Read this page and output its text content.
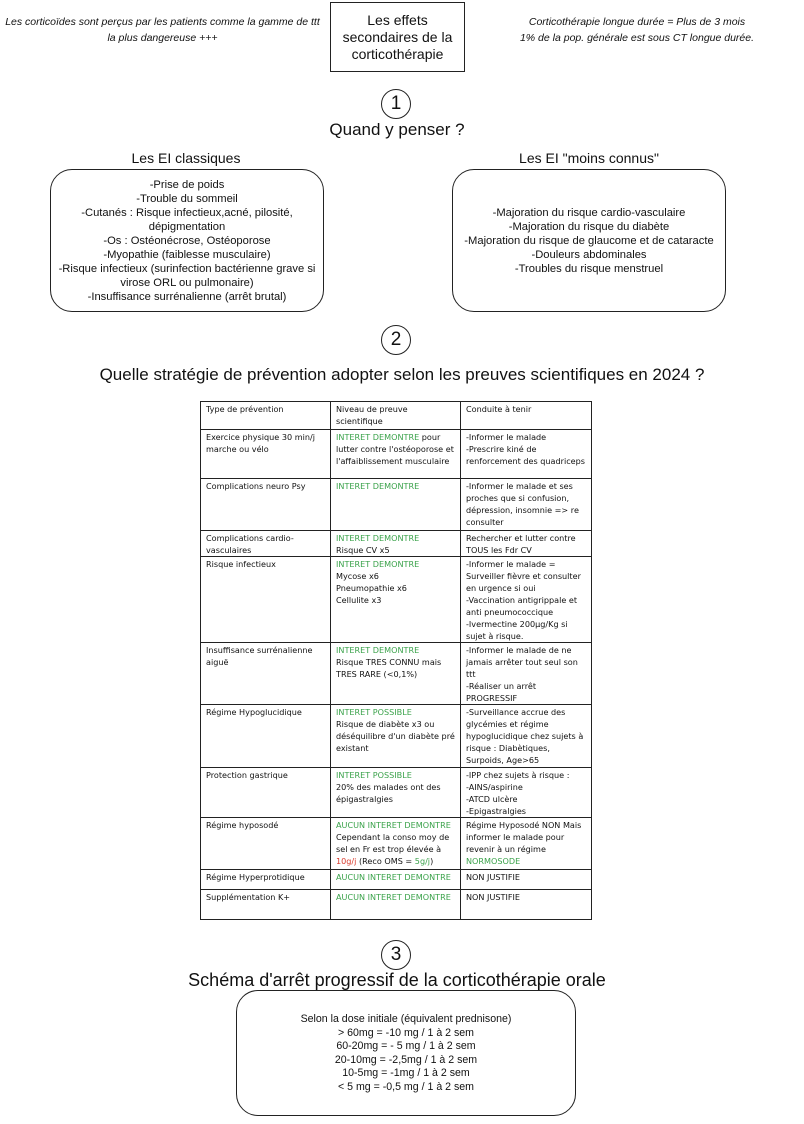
Les corticoïdes sont perçus par les patients comme la gamme de ttt la plus dangereuse +++
Les effets
secondaires de la
corticothérapie
Corticothérapie longue durée = Plus de 3 mois
1% de la pop. générale est sous CT longue durée.
1
Quand y penser ?
Les EI classiques	Les EI "moins connus"
-Prise de poids
-Trouble du sommeil
-Cutanés : Risque infectieux,acné, pilosité,
dépigmentation
-Os : Ostéonécrose, Ostéoporose
-Myopathie (faiblesse musculaire)
-Risque infectieux (surinfection bactérienne grave si
virose ORL ou pulmonaire)
-Insuffisance surrénalienne (arrêt brutal)
-Majoration du risque cardio-vasculaire
-Majoration du risque du diabète
-Majoration du risque de glaucome et de cataracte
-Douleurs abdominales
-Troubles du risque menstruel
2
Quelle stratégie de prévention adopter selon les preuves scientifiques en 2024 ?
Type de prévention	Niveau de preuve scientifique	Conduite à tenir

Exercice physique 30 min/j
marche ou vélo	INTERET DEMONTRE pour lutter contre l'ostéoporose et l'affaiblissement musculaire	-Informer le malade
-Prescrire kiné de renforcement des quadriceps

Complications neuro Psy	INTERET DEMONTRE	-Informer le malade et ses proches que si confusion, dépression, insomnie => re consulter

Complications cardio-vasculaires	INTERET DEMONTRE
Risque CV x5	Rechercher et lutter contre TOUS les Fdr CV

Risque infectieux	INTERET DEMONTRE
Mycose x6
Pneumopathie x6
Cellulite x3	-Informer le malade = Surveiller fièvre et consulter en urgence si oui
-Vaccination antigrippale et anti pneumococcique
-Ivermectine 200µg/Kg si sujet à risque.

Insuffisance surrénalienne aiguë	INTERET DEMONTRE
Risque TRES CONNU mais TRES RARE (<0,1%)	-Informer le malade de ne jamais arrêter tout seul son ttt
-Réaliser un arrêt PROGRESSIF

Régime Hypoglucidique	INTERET POSSIBLE
Risque de diabète x3 ou déséquilibre d'un diabète pré existant	-Surveillance accrue des glycémies et régime hypoglucidique chez sujets à risque : Diabètiques, Surpoids, Age>65

Protection gastrique	INTERET POSSIBLE
20% des malades ont des épigastralgies	-IPP chez sujets à risque :
-AINS/aspirine
-ATCD ulcère
-Epigastralgies

Régime hyposodé	AUCUN INTERET DEMONTRE
Cependant la conso moy de sel en Fr est trop élevée à 10g/j (Reco OMS = 5g/j)	Régime Hyposodé NON Mais informer le malade pour revenir à un régime
NORMOSODE

Régime Hyperprotidique	AUCUN INTERET DEMONTRE	NON JUSTIFIE

Supplémentation K+	AUCUN INTERET DEMONTRE	NON JUSTIFIE
3
Schéma d'arrêt progressif de la corticothérapie orale
Selon la dose initiale (équivalent prednisone)
> 60mg = -10 mg / 1 à 2 sem
60-20mg = - 5 mg / 1 à 2 sem
20-10mg = -2,5mg / 1 à 2 sem
10-5mg = -1mg / 1 à 2 sem
< 5 mg = -0,5 mg / 1 à 2 sem
